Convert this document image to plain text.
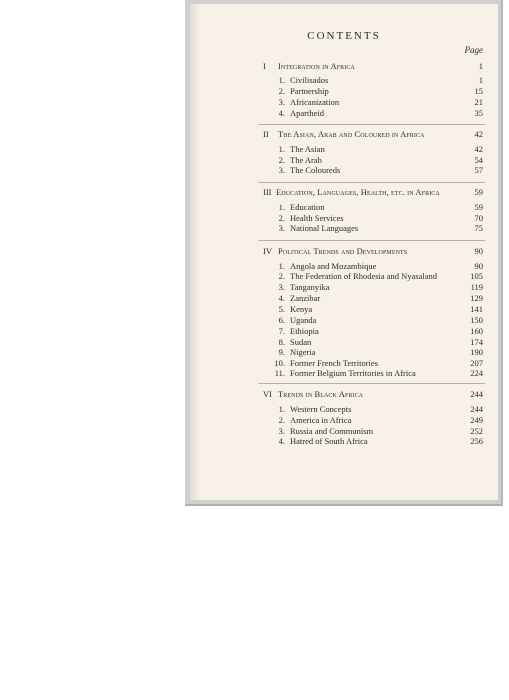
CONTENTS
Page
I Integration in Africa	1
1. Civilisados	1
2. Partnership	15
3. Africanization	21
4. Apartheid	35
II The Asian, Arab and Coloured in Africa	42
1. The Asian	42
2. The Arab	54
3. The Coloureds	57
III Education, Languages, Health, etc. in Africa	59
1. Education	59
2. Health Services	70
3. National Languages	75
IV Political Trends and Developments	90
1. Angola and Mozambique	90
2. The Federation of Rhodesia and Nyasaland	105
3. Tanganyika	119
4. Zanzibar	129
5. Kenya	141
6. Uganda	150
7. Ethiopia	160
8. Sudan	174
9. Nigeria	190
10. Former French Territories	207
11. Former Belgium Territories in Africa	224
VI Trends in Black Africa	244
1. Western Concepts	244
2. America in Africa	249
3. Russia and Communism	252
4. Hatred of South Africa	256
